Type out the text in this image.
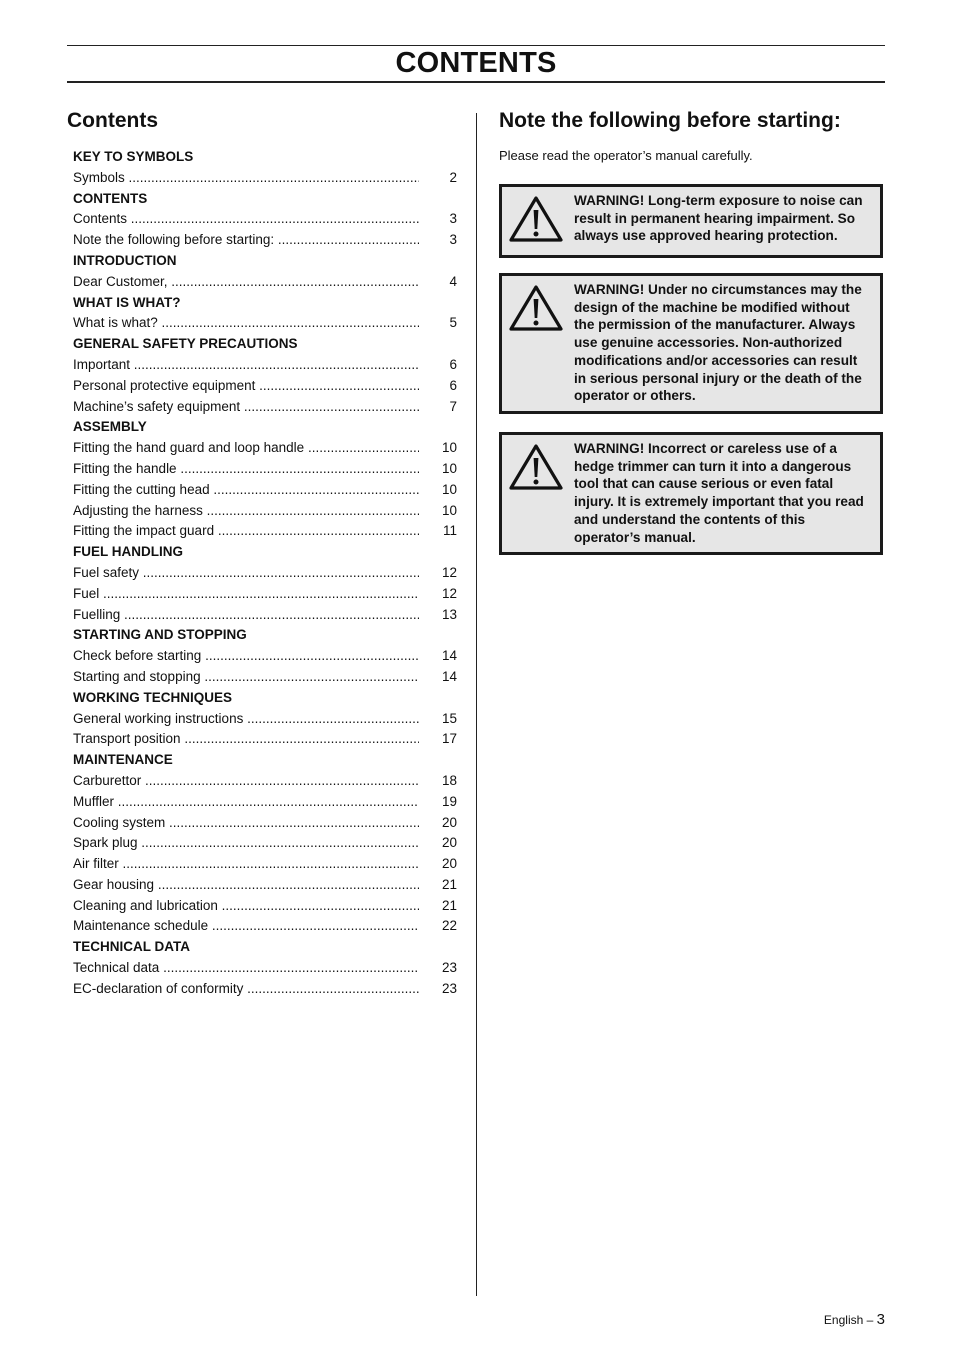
CONTENTS
Contents
KEY TO SYMBOLS
Symbols .....	2
CONTENTS
Contents .....	3
Note the following before starting: .....	3
INTRODUCTION
Dear Customer, .....	4
WHAT IS WHAT?
What is what? .....	5
GENERAL SAFETY PRECAUTIONS
Important .....	6
Personal protective equipment .....	6
Machine’s safety equipment .....	7
ASSEMBLY
Fitting the hand guard and loop handle .....	10
Fitting the handle .....	10
Fitting the cutting head .....	10
Adjusting the harness .....	10
Fitting the impact guard .....	11
FUEL HANDLING
Fuel safety .....	12
Fuel .....	12
Fuelling .....	13
STARTING AND STOPPING
Check before starting .....	14
Starting and stopping .....	14
WORKING TECHNIQUES
General working instructions .....	15
Transport position .....	17
MAINTENANCE
Carburettor .....	18
Muffler .....	19
Cooling system .....	20
Spark plug .....	20
Air filter .....	20
Gear housing .....	21
Cleaning and lubrication .....	21
Maintenance schedule .....	22
TECHNICAL DATA
Technical data .....	23
EC-declaration of conformity .....	23
Note the following before starting:
Please read the operator’s manual carefully.
WARNING! Long-term exposure to noise can result in permanent hearing impairment. So always use approved hearing protection.
WARNING! Under no circumstances may the design of the machine be modified without the permission of the manufacturer. Always use genuine accessories. Non-authorized modifications and/or accessories can result in serious personal injury or the death of the operator or others.
WARNING! Incorrect or careless use of a hedge trimmer can turn it into a dangerous tool that can cause serious or even fatal injury. It is extremely important that you read and understand the contents of this operator’s manual.
English – 3
